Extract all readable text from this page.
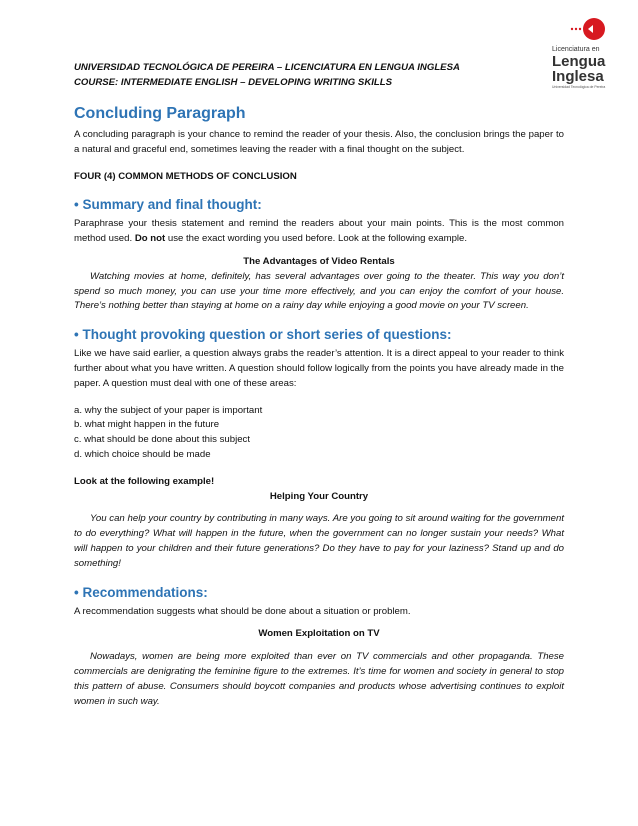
UNIVERSIDAD TECNOLÓGICA DE PEREIRA – LICENCIATURA EN LENGUA INGLESA
COURSE: INTERMEDIATE ENGLISH – DEVELOPING WRITING SKILLS
Licenciatura en
Lengua
Inglesa
Universidad Tecnológica de Pereira
Concluding Paragraph

A concluding paragraph is your chance to remind the reader of your thesis. Also, the conclusion brings the paper to a natural and graceful end, sometimes leaving the reader with a final thought on the subject.

FOUR (4) COMMON METHODS OF CONCLUSION

• Summary and final thought:

Paraphrase your thesis statement and remind the readers about your main points. This is the most common method used. Do not use the exact wording you used before. Look at the following example.

The Advantages of Video Rentals

Watching movies at home, definitely, has several advantages over going to the theater. This way you don’t spend so much money, you can use your time more effectively, and you can enjoy the comfort of your house. There’s nothing better than staying at home on a rainy day while enjoying a good movie on your TV screen.

• Thought provoking question or short series of questions:

Like we have said earlier, a question always grabs the reader’s attention. It is a direct appeal to your reader to think further about what you have written. A question should follow logically from the points you have already made in the paper. A question must deal with one of these areas:

a. why the subject of your paper is important

b. what might happen in the future

c. what should be done about this subject

d. which choice should be made

Look at the following example!

Helping Your Country

You can help your country by contributing in many ways. Are you going to sit around waiting for the government to do everything? What will happen in the future, when the government can no longer sustain your needs? What will happen to your children and their future generations? Do they have to pay for your laziness? Stand up and do something!

• Recommendations:

A recommendation suggests what should be done about a situation or problem.

Women Exploitation on TV

Nowadays, women are being more exploited than ever on TV commercials and other propaganda. These commercials are denigrating the feminine figure to the extremes. It’s time for women and society in general to stop this pattern of abuse. Consumers should boycott companies and products whose advertising continues to exploit women in such way.
